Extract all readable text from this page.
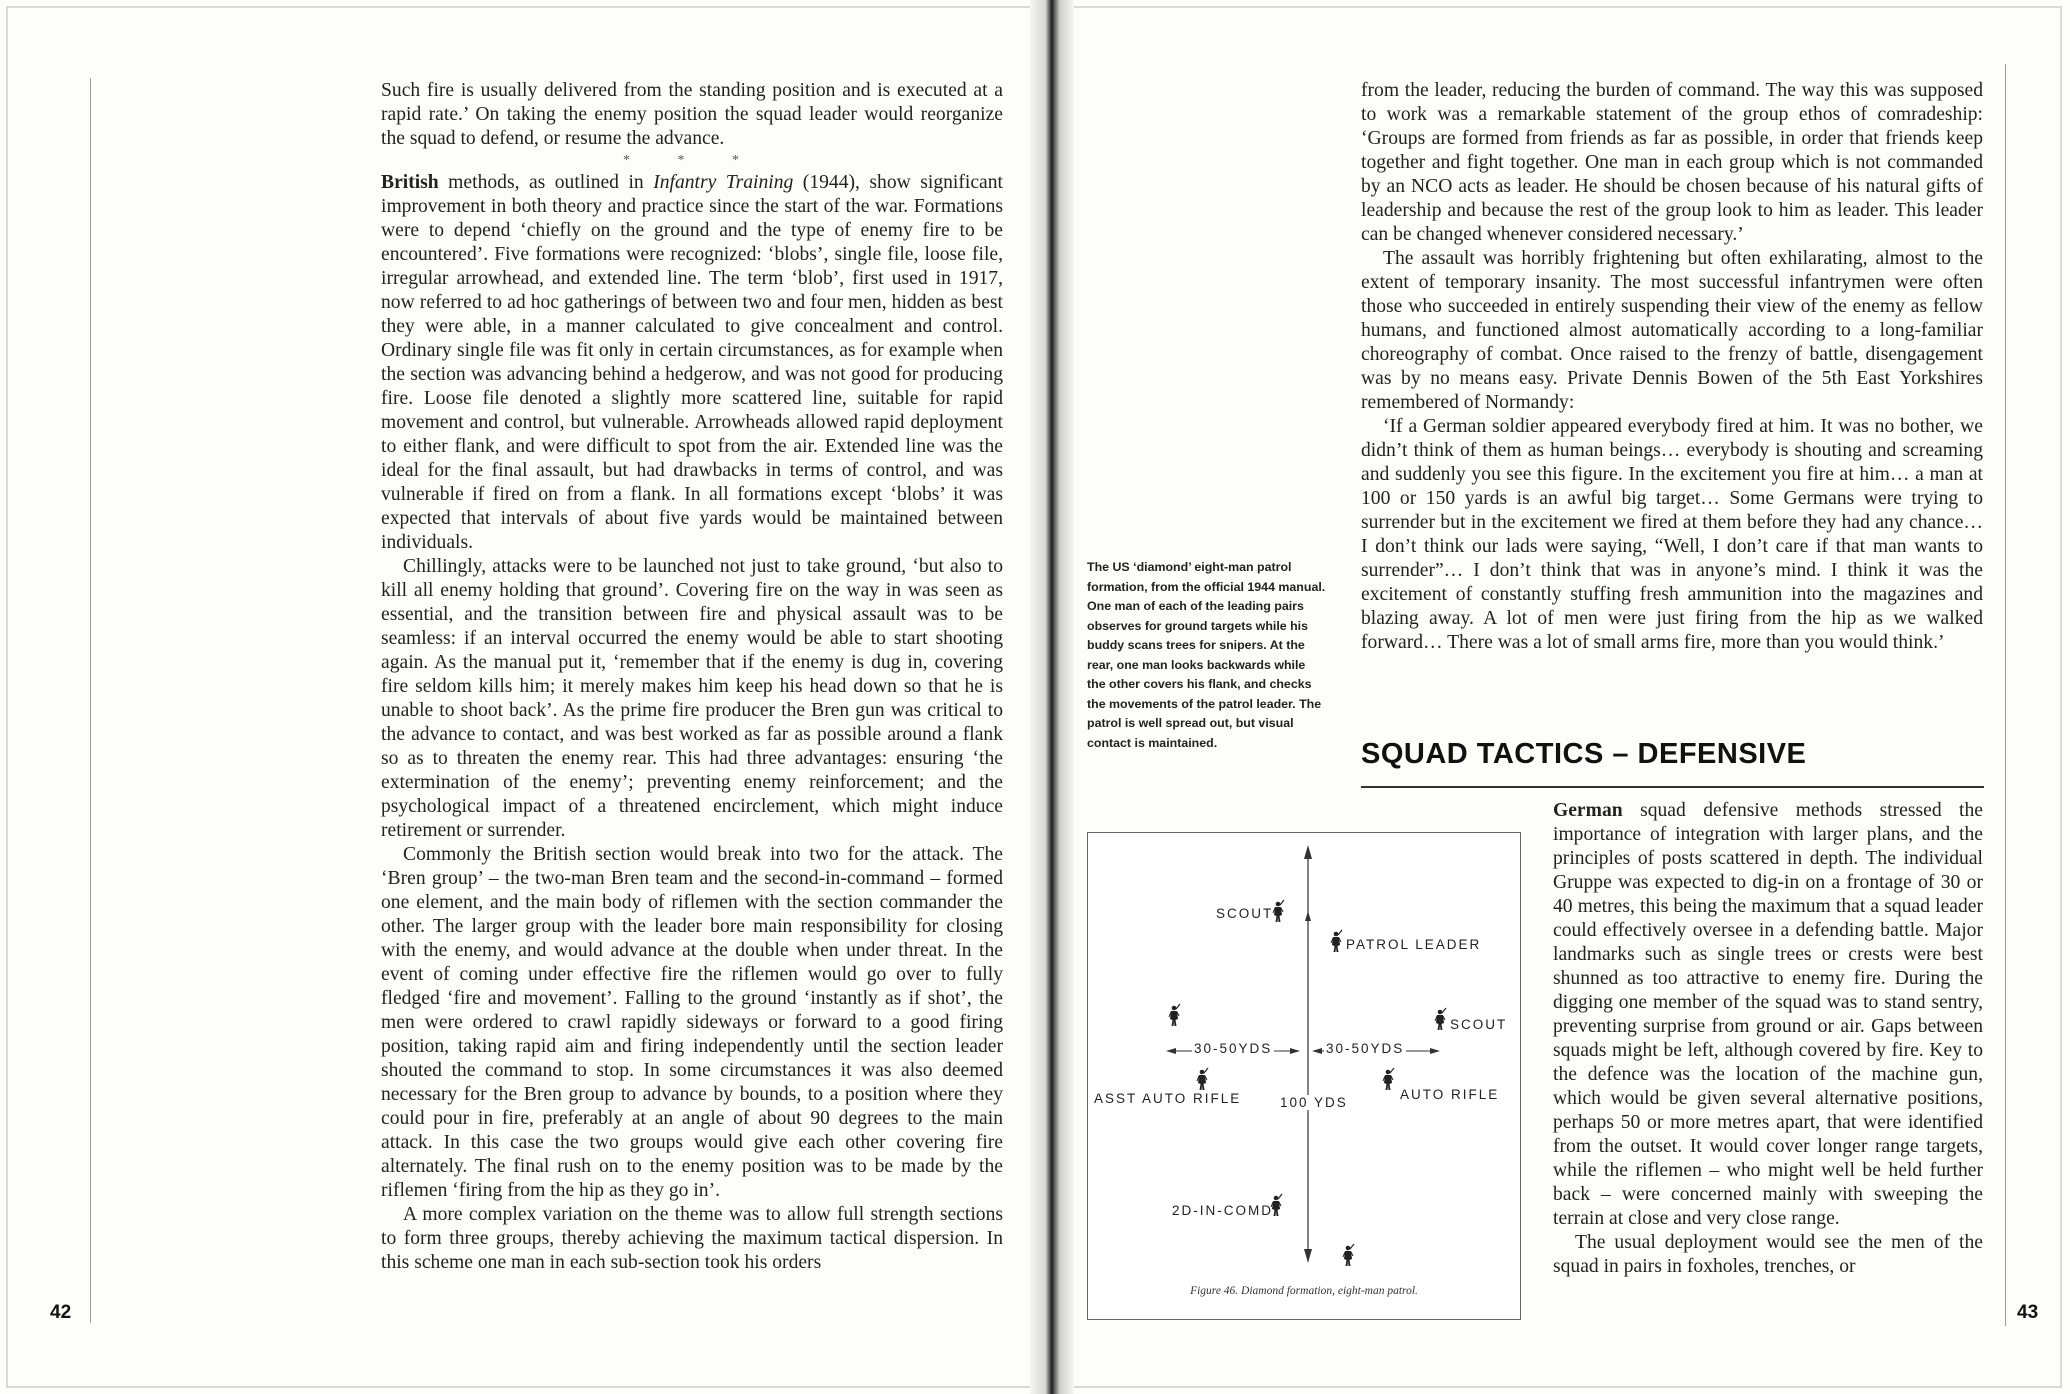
Such fire is usually delivered from the standing position and is executed at a rapid rate.’ On taking the enemy position the squad leader would reorganize the squad to defend, or resume the advance.

* * *

British methods, as outlined in Infantry Training (1944), show significant improvement in both theory and practice since the start of the war. Formations were to depend ‘chiefly on the ground and the type of enemy fire to be encountered’. Five formations were recognized: ‘blobs’, single file, loose file, irregular arrowhead, and extended line. The term ‘blob’, first used in 1917, now referred to ad hoc gatherings of between two and four men, hidden as best they were able, in a manner calculated to give concealment and control. Ordinary single file was fit only in certain circumstances, as for example when the section was advancing behind a hedgerow, and was not good for producing fire. Loose file denoted a slightly more scattered line, suitable for rapid movement and control, but vulnerable. Arrowheads allowed rapid deployment to either flank, and were difficult to spot from the air. Extended line was the ideal for the final assault, but had drawbacks in terms of control, and was vulnerable if fired on from a flank. In all formations except ‘blobs’ it was expected that intervals of about five yards would be maintained between individuals.

Chillingly, attacks were to be launched not just to take ground, ‘but also to kill all enemy holding that ground’. Covering fire on the way in was seen as essential, and the transition between fire and physical assault was to be seamless: if an interval occurred the enemy would be able to start shooting again. As the manual put it, ‘remember that if the enemy is dug in, covering fire seldom kills him; it merely makes him keep his head down so that he is unable to shoot back’. As the prime fire producer the Bren gun was critical to the advance to contact, and was best worked as far as possible around a flank so as to threaten the enemy rear. This had three advantages: ensuring ‘the extermination of the enemy’; preventing enemy reinforcement; and the psychological impact of a threatened encirclement, which might induce retirement or surrender.

Commonly the British section would break into two for the attack. The ‘Bren group’ – the two-man Bren team and the second-in-command – formed one element, and the main body of riflemen with the section commander the other. The larger group with the leader bore main responsibility for closing with the enemy, and would advance at the double when under threat. In the event of coming under effective fire the riflemen would go over to fully fledged ‘fire and movement’. Falling to the ground ‘instantly as if shot’, the men were ordered to crawl rapidly sideways or forward to a good firing position, taking rapid aim and firing independently until the section leader shouted the command to stop. In some circumstances it was also deemed necessary for the Bren group to advance by bounds, to a position where they could pour in fire, preferably at an angle of about 90 degrees to the main attack. In this case the two groups would give each other covering fire alternately. The final rush on to the enemy position was to be made by the riflemen ‘firing from the hip as they go in’.

A more complex variation on the theme was to allow full strength sections to form three groups, thereby achieving the maximum tactical dispersion. In this scheme one man in each sub-section took his orders

42

from the leader, reducing the burden of command. The way this was supposed to work was a remarkable statement of the group ethos of comradeship: ‘Groups are formed from friends as far as possible, in order that friends keep together and fight together. One man in each group which is not commanded by an NCO acts as leader. He should be chosen because of his natural gifts of leadership and because the rest of the group look to him as leader. This leader can be changed whenever considered necessary.’

The assault was horribly frightening but often exhilarating, almost to the extent of temporary insanity. The most successful infantrymen were often those who succeeded in entirely suspending their view of the enemy as fellow humans, and functioned almost automatically according to a long-familiar choreography of combat. Once raised to the frenzy of battle, disengagement was by no means easy. Private Dennis Bowen of the 5th East Yorkshires remembered of Normandy:

‘If a German soldier appeared everybody fired at him. It was no bother, we didn’t think of them as human beings… everybody is shouting and screaming and suddenly you see this figure. In the excitement you fire at him… a man at 100 or 150 yards is an awful big target… Some Germans were trying to surrender but in the excitement we fired at them before they had any chance… I don’t think our lads were saying, “Well, I don’t care if that man wants to surrender”… I don’t think that was in anyone’s mind. I think it was the excitement of constantly stuffing fresh ammunition into the magazines and blazing away. A lot of men were just firing from the hip as we walked forward… There was a lot of small arms fire, more than you would think.’

The US ‘diamond’ eight-man patrol formation, from the official 1944 manual. One man of each of the leading pairs observes for ground targets while his buddy scans trees for snipers. At the rear, one man looks backwards while the other covers his flank, and checks the movements of the patrol leader. The patrol is well spread out, but visual contact is maintained.	SQUAD TACTICS – DEFENSIVE

German squad defensive methods stressed the importance of integration with larger plans, and the principles of posts scattered in depth. The individual Gruppe was expected to dig-in on a frontage of 30 or 40 metres, this being the maximum that a squad leader could effectively oversee in a defending battle. Major landmarks such as single trees or crests were best shunned as too attractive to enemy fire. During the digging one member of the squad was to stand sentry, preventing surprise from ground or air. Gaps between squads might be left, although covered by fire. Key to the defence was the location of the machine gun, which would be given several alternative positions, perhaps 50 or more metres apart, that were identified from the outset. It would cover longer range targets, while the riflemen – who might well be held further back – were concerned mainly with sweeping the terrain at close and very close range.

The usual deployment would see the men of the squad in pairs in foxholes, trenches, or

43
SCOUT
PATROL LEADER
SCOUT
30-50YDS	30-50YDS
ASST AUTO RIFLE	100 YDS
AUTO RIFLE
2D-IN-COMD
Figure 46. Diamond formation, eight-man patrol.
